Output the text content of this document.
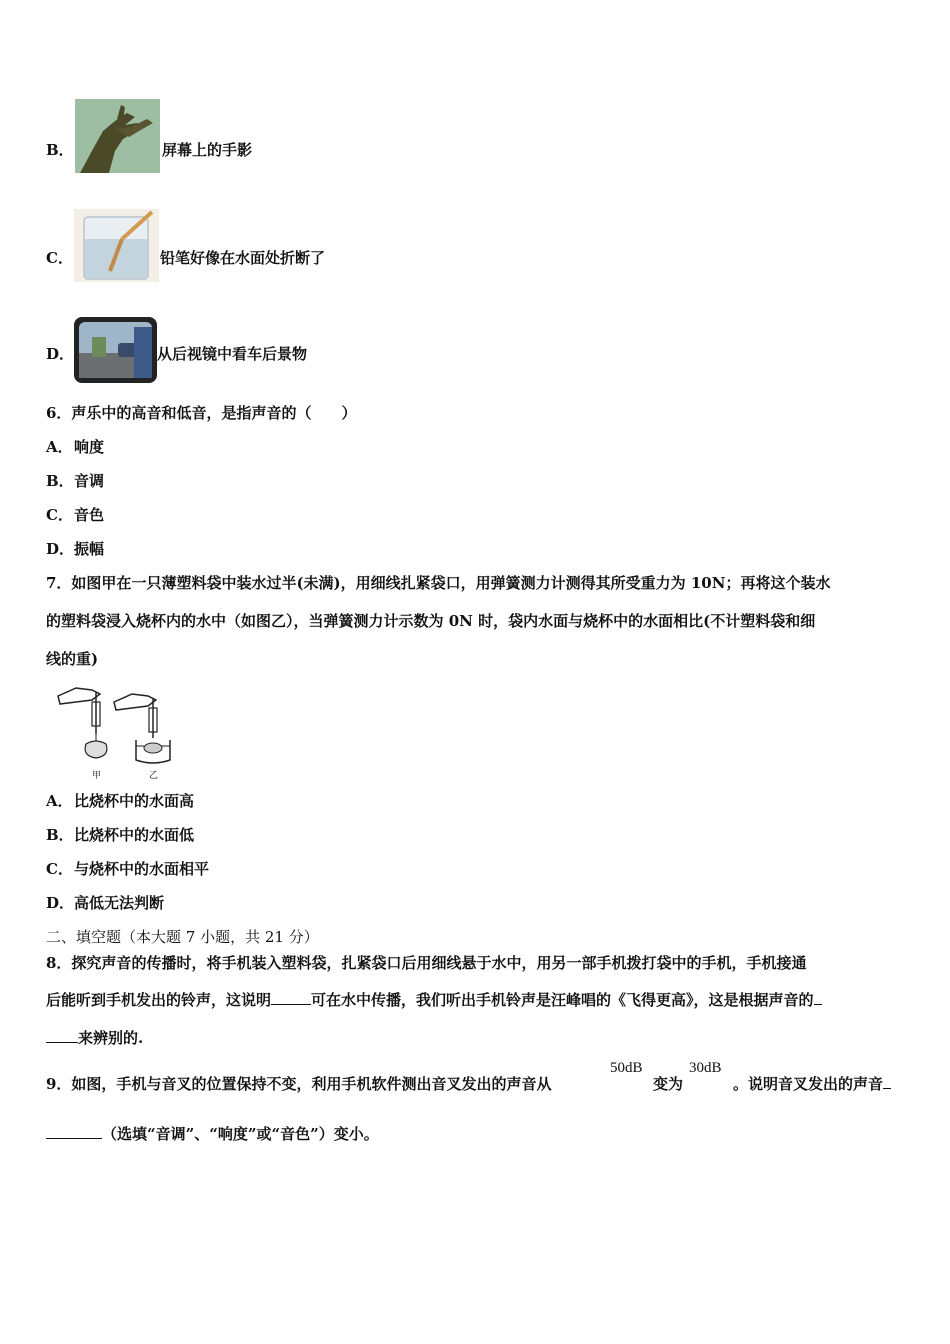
B．	屏幕上的手影
C．	铅笔好像在水面处折断了
D．	从后视镜中看车后景物
6．声乐中的高音和低音，是指声音的（　　）
A．响度
B．音调
C．音色
D．振幅
7．如图甲在一只薄塑料袋中装水过半(未满)，用细线扎紧袋口，用弹簧测力计测得其所受重力为 10N；再将这个装水
的塑料袋浸入烧杯内的水中（如图乙），当弹簧测力计示数为 0N 时，袋内水面与烧杯中的水面相比(不计塑料袋和细
线的重)
甲	乙
A．比烧杯中的水面高
B．比烧杯中的水面低
C．与烧杯中的水面相平
D．高低无法判断
二、填空题（本大题 7 小题，共 21 分）
8．探究声音的传播时，将手机装入塑料袋，扎紧袋口后用细线悬于水中，用另一部手机拨打袋中的手机，手机接通
后能听到手机发出的铃声，这说明	可在水中传播，我们听出手机铃声是汪峰唱的《飞得更高》，这是根据声音的
来辨别的.
9．如图，手机与音叉的位置保持不变，利用手机软件测出音叉发出的声音从
50dB
变为
30dB
。说明音叉发出的声音
（选填“音调”、“响度”或“音色”）变小。
